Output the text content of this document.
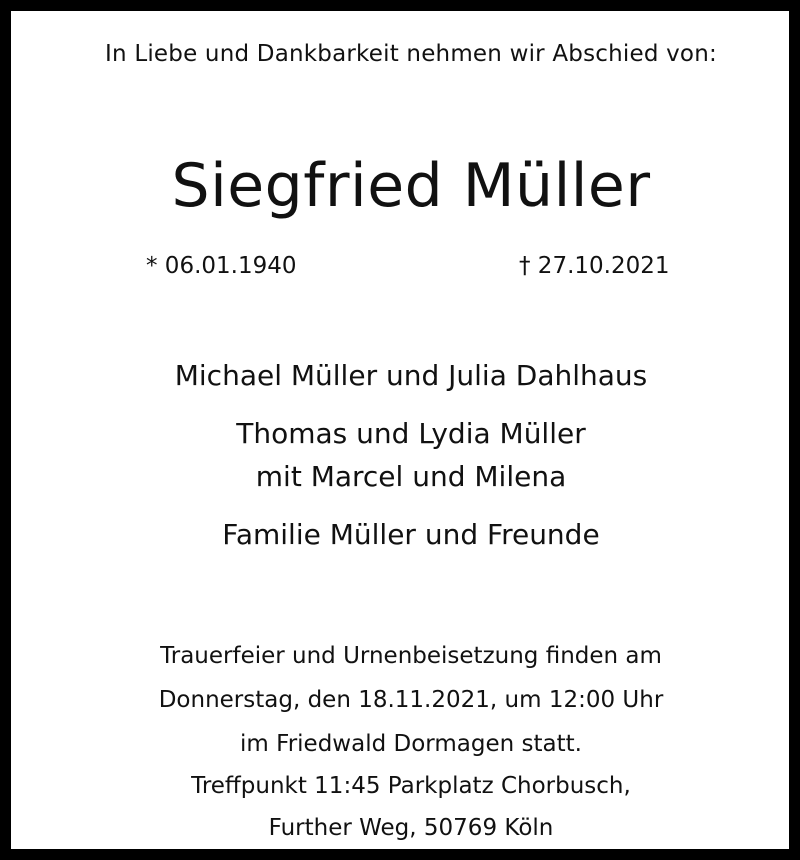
In Liebe und Dankbarkeit nehmen wir Abschied von:
Siegfried Müller
* 06.01.1940	† 27.10.2021
Michael Müller und Julia Dahlhaus
Thomas und Lydia Müller
mit Marcel und Milena
Familie Müller und Freunde
Trauerfeier und Urnenbeisetzung finden am
Donnerstag, den 18.11.2021, um 12:00 Uhr
im Friedwald Dormagen statt.
Treffpunkt 11:45 Parkplatz Chorbusch,
Further Weg, 50769 Köln
